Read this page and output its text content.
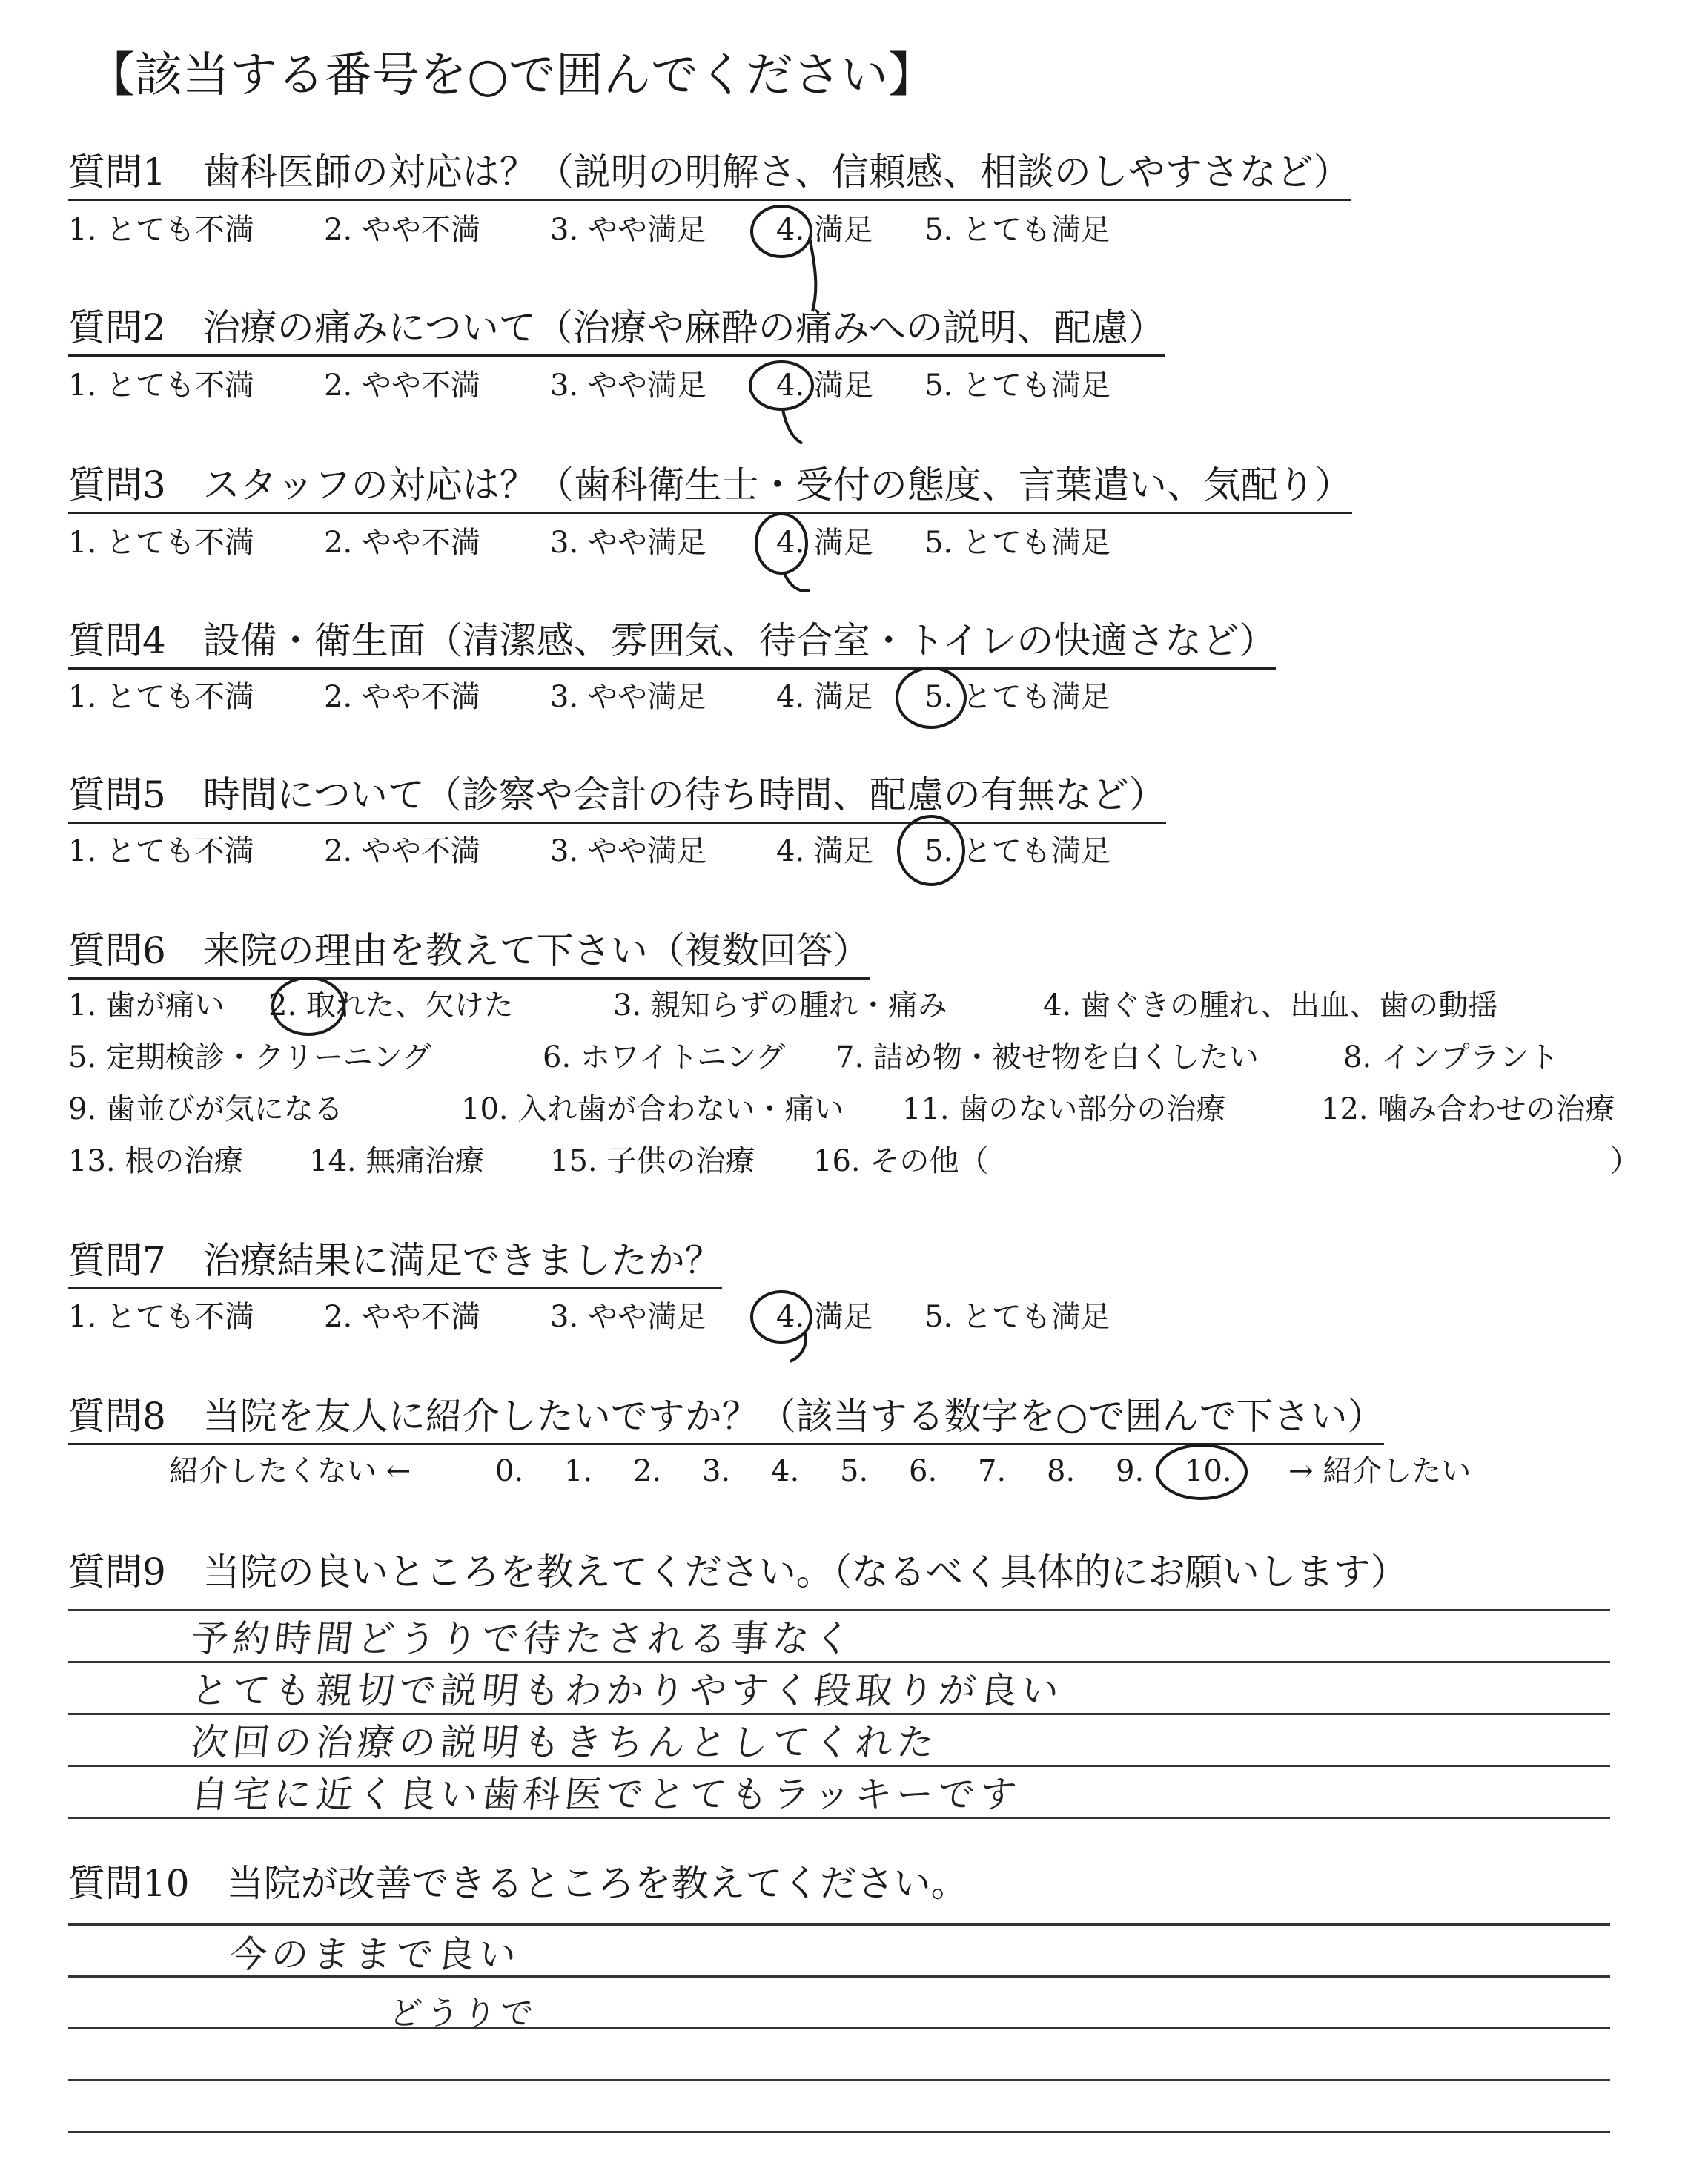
【該当する番号を○で囲んでください】
質問1　歯科医師の対応は？（説明の明解さ、信頼感、相談のしやすさなど）
1. とても不満 2. やや不満 3. やや満足 4. 満足 5. とても満足
質問2　治療の痛みについて（治療や麻酔の痛みへの説明、配慮）
1. とても不満 2. やや不満 3. やや満足 4. 満足 5. とても満足
質問3　スタッフの対応は？（歯科衛生士・受付の態度、言葉遣い、気配り）
1. とても不満 2. やや不満 3. やや満足 4. 満足 5. とても満足
質問4　設備・衛生面（清潔感、雰囲気、待合室・トイレの快適さなど）
1. とても不満 2. やや不満 3. やや満足 4. 満足 5. とても満足
質問5　時間について（診察や会計の待ち時間、配慮の有無など）
1. とても不満 2. やや不満 3. やや満足 4. 満足 5. とても満足
質問6　来院の理由を教えて下さい（複数回答）
1. 歯が痛い 2. 取れた、欠けた	3. 親知らずの腫れ・痛み	4. 歯ぐきの腫れ、出血、歯の動揺
5. 定期検診・クリーニング	6. ホワイトニング 7. 詰め物・被せ物を白くしたい	8. インプラント
9. 歯並びが気になる	10. 入れ歯が合わない・痛い 11. 歯のない部分の治療	12. 噛み合わせの治療
13. 根の治療 14. 無痛治療 15. 子供の治療 16. その他（	）
質問7　治療結果に満足できましたか？
1. とても不満 2. やや不満 3. やや満足 4. 満足 5. とても満足
質問8　当院を友人に紹介したいですか？（該当する数字を○で囲んで下さい）
紹介したくない ←	0. 1. 2. 3. 4. 5. 6. 7. 8. 9. 10. → 紹介したい
質問9　当院の良いところを教えてください。（なるべく具体的にお願いします）
予約時間どうりで待たされる事なく
とても親切で説明もわかりやすく段取りが良い
次回の治療の説明もきちんとしてくれた
自宅に近く良い歯科医でとてもラッキーです
質問10　当院が改善できるところを教えてください。
今のままで良い
どうりで
